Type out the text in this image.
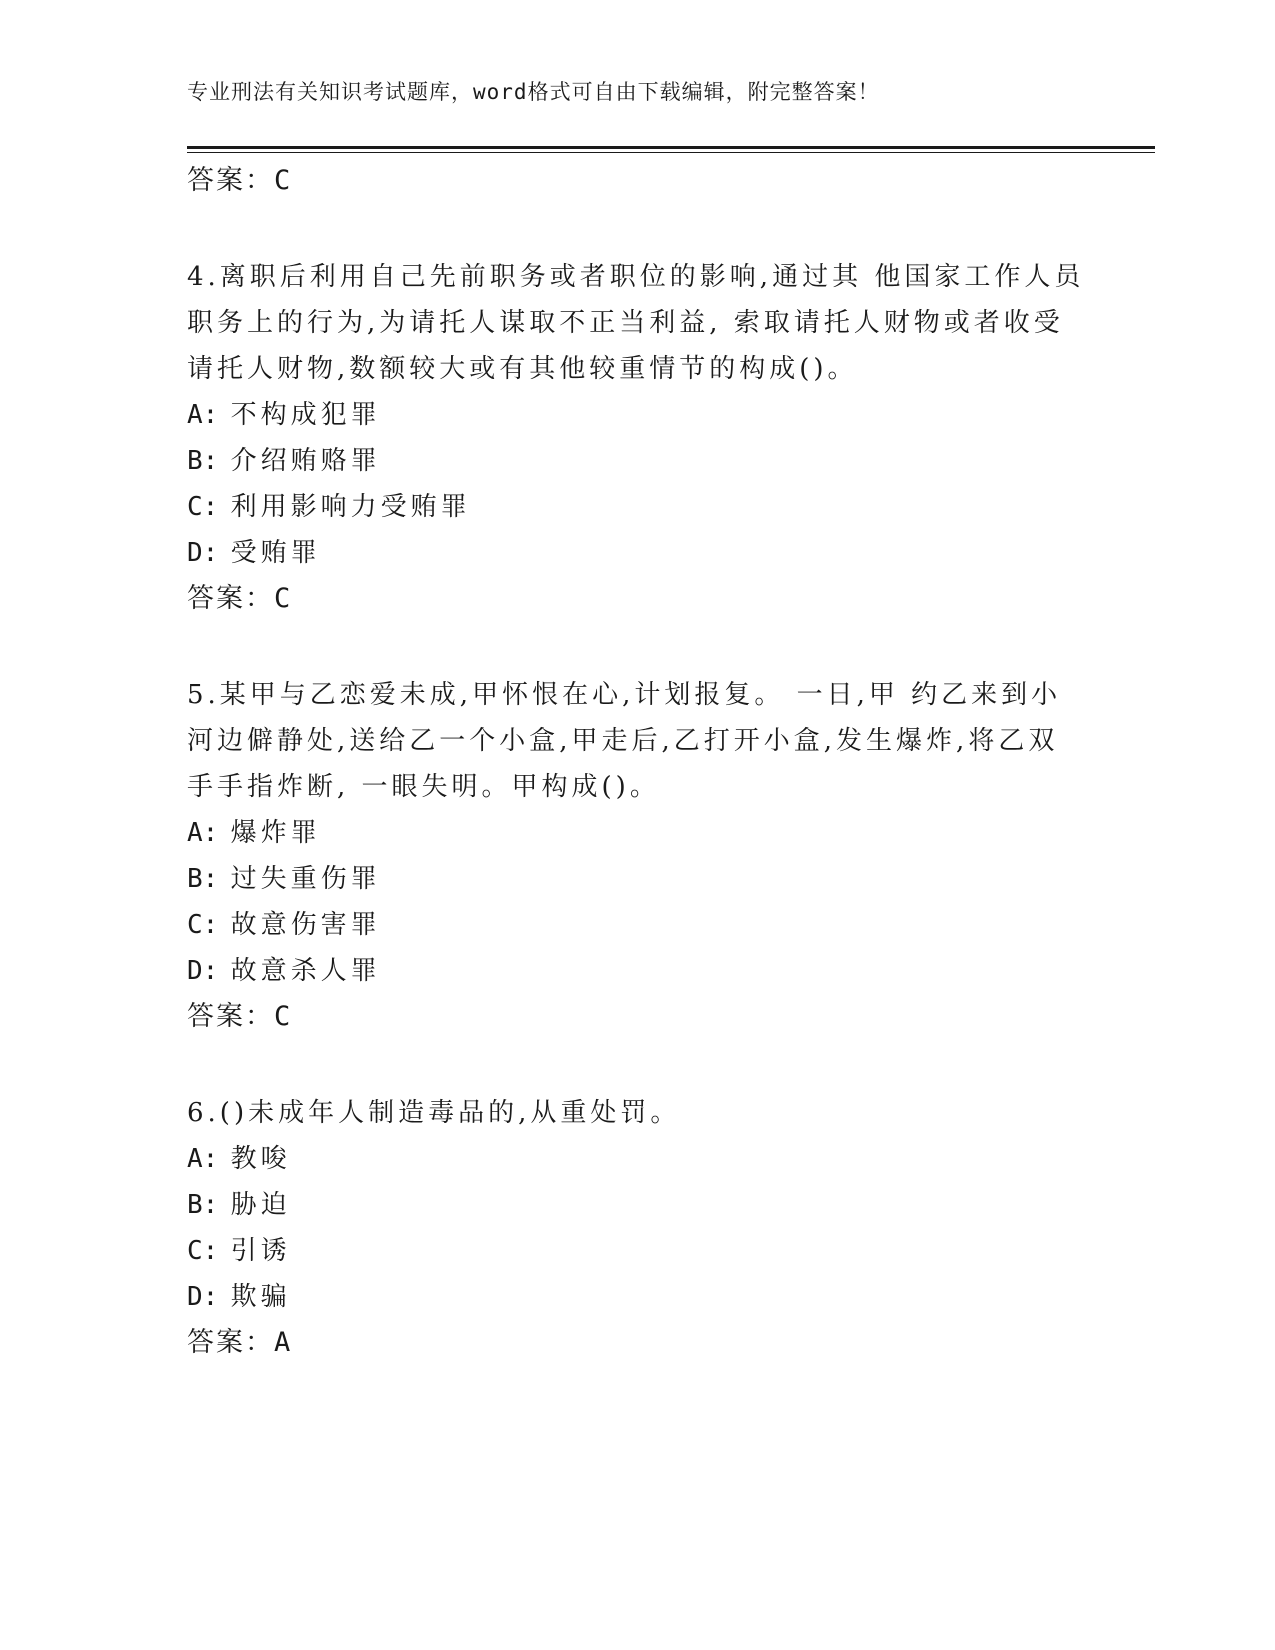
专业刑法有关知识考试题库，word格式可自由下载编辑，附完整答案！
答案：C

4.离职后利用自己先前职务或者职位的影响,通过其 他国家工作人员职务上的行为,为请托人谋取不正当利益, 索取请托人财物或者收受请托人财物,数额较大或有其他较重情节的构成()。

A: 不构成犯罪
B: 介绍贿赂罪
C: 利用影响力受贿罪
D: 受贿罪
答案：C

5.某甲与乙恋爱未成,甲怀恨在心,计划报复。 一日,甲 约乙来到小河边僻静处,送给乙一个小盒,甲走后,乙打开小盒,发生爆炸,将乙双手手指炸断, 一眼失明。甲构成()。

A: 爆炸罪
B: 过失重伤罪
C: 故意伤害罪
D: 故意杀人罪
答案：C

6.()未成年人制造毒品的,从重处罚。

A: 教唆
B: 胁迫
C: 引诱
D: 欺骗
答案：A
